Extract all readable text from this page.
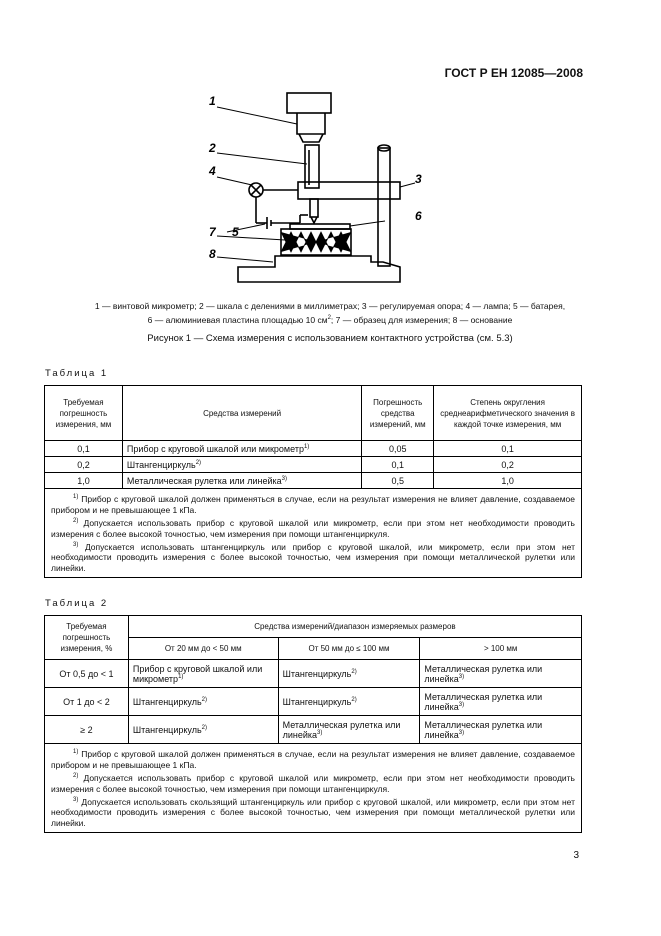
ГОСТ Р ЕН 12085—2008
1
2
4
3
6
5
7
8
1 — винтовой микрометр; 2 — шкала с делениями в миллиметрах; 3 — регулируемая опора; 4 — лампа; 5 — батарея,
6 — алюминиевая пластина площадью 10 $см^2$; 7 — образец для измерения; 8 — основание
Рисунок 1 — Схема измерения с использованием контактного устройства (см. 5.3)
Таблица 1
Требуемая погрешность измерения, мм	Средства измерений	Погрешность средства измерений, мм	Степень округления среднеарифметического значения в каждой точке измерения, мм
0,1	Прибор с круговой шкалой или микрометр$^{1)}$	0,05	0,1
0,2	Штангенциркуль$^{2)}$	0,1	0,2
1,0	Металлическая рулетка или линейка$^{3)}$	0,5	1,0

$^{1)}$ Прибор с круговой шкалой должен применяться в случае, если на результат измерения не влияет давление, создаваемое прибором и не превышающее 1 кПа.

$^{2)}$ Допускается использовать прибор с круговой шкалой или микрометр, если при этом нет необходимости проводить измерения с более высокой точностью, чем измерения при помощи штангенциркуля.

$^{3)}$ Допускается использовать штангенциркуль или прибор с круговой шкалой, или микрометр, если при этом нет необходимости проводить измерения с более высокой точностью, чем измерения при помощи металлической рулетки или линейки.			

Таблица 2
Требуемая погрешность измерения, %	Средства измерений/диапазон измеряемых размеров		
	От 20 мм до < 50 мм	От 50 мм до ≤ 100 мм	> 100 мм
От 0,5 до < 1	Прибор с круговой шкалой или микрометр$^{1)}$	Штангенциркуль$^{2)}$	Металлическая рулетка или линейка$^{3)}$
От 1 до < 2	Штангенциркуль$^{2)}$	Штангенциркуль$^{2)}$	Металлическая рулетка или линейка$^{3)}$
≥ 2	Штангенциркуль$^{2)}$	Металлическая рулетка или линейка$^{3)}$	Металлическая рулетка или линейка$^{3)}$

$^{1)}$ Прибор с круговой шкалой должен применяться в случае, если на результат измерения не влияет давление, создаваемое прибором и не превышающее 1 кПа.

$^{2)}$ Допускается использовать прибор с круговой шкалой или микрометр, если при этом нет необходимости проводить измерения с более высокой точностью, чем измерения при помощи штангенциркуля.

$^{3)}$ Допускается использовать скользящий штангенциркуль или прибор с круговой шкалой, или микрометр, если при этом нет необходимости проводить измерения с более высокой точностью, чем измерения при помощи металлической рулетки или линейки.			

3
